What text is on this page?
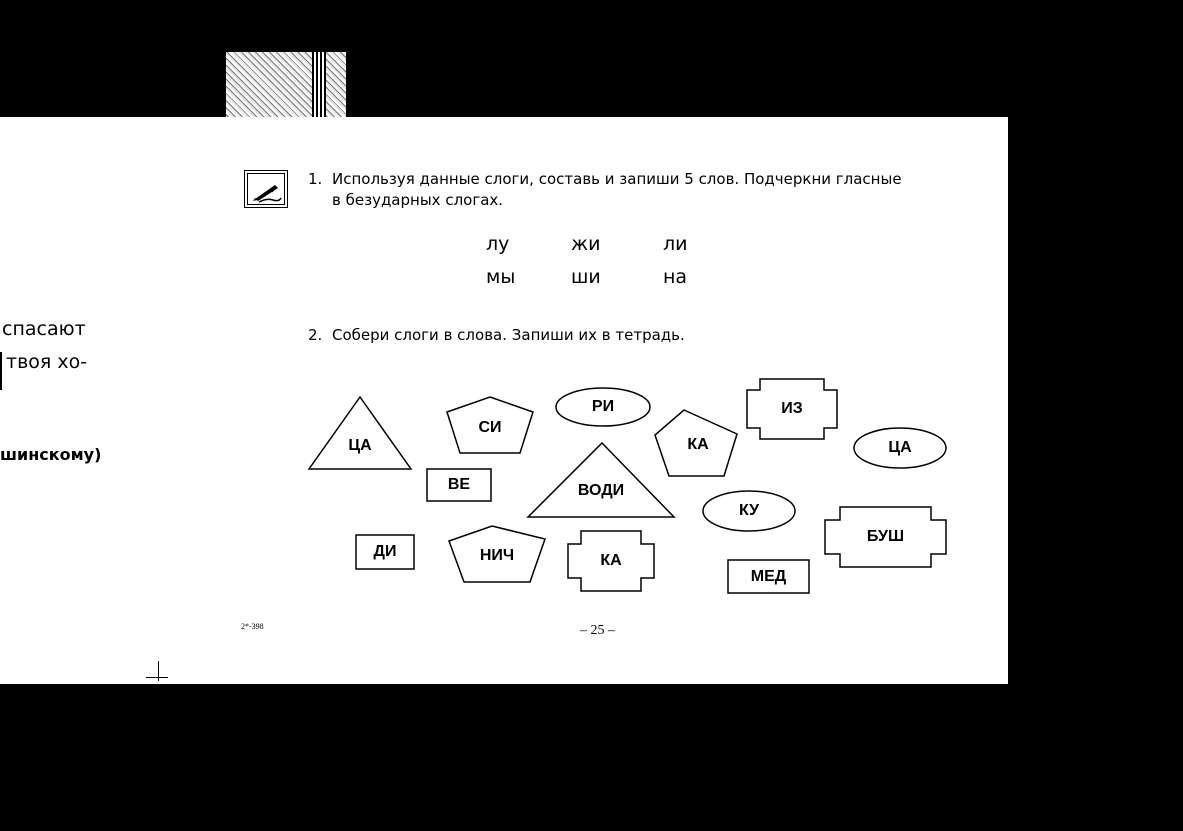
спасают
твоя хо-
шинскому)
1. Используя данные слоги, составь и запиши 5 слов. Подчеркни гласные
в безударных слогах.
лу	жи	ли
мы	ши	на
2. Собери слоги в слова. Запиши их в тетрадь.
ЦА
СИ
РИ
КА
ИЗ
ЦА
ВЕ	ВОДИ
КУ
БУШ
ДИ	НИЧ	КА
МЕД
2*-398	– 25 –
